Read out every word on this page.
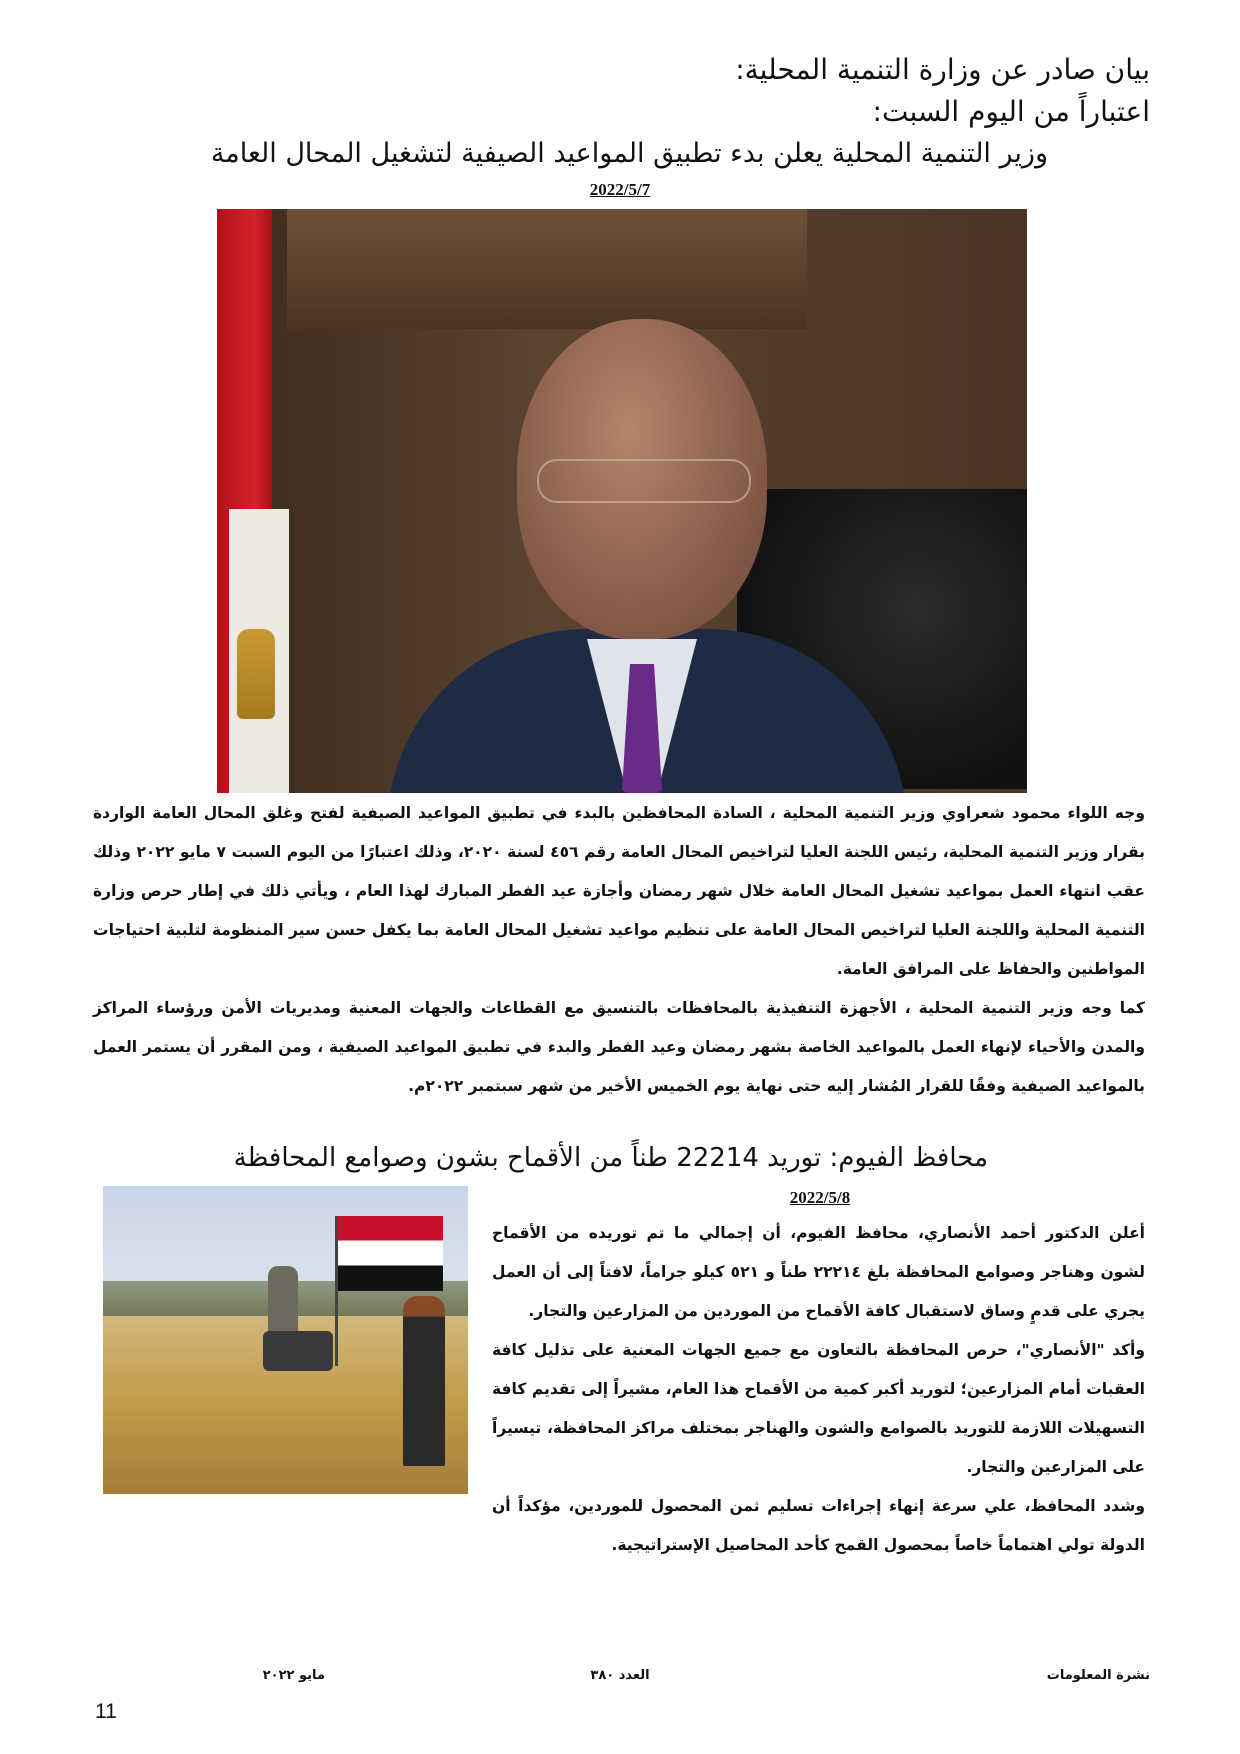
بيان صادر عن وزارة التنمية المحلية:
اعتباراً من اليوم السبت:
وزير التنمية المحلية يعلن بدء تطبيق المواعيد الصيفية لتشغيل المحال العامة
2022/5/7

وجه اللواء محمود شعراوي وزير التنمية المحلية ، السادة المحافظين بالبدء في تطبيق المواعيد الصيفية لفتح وغلق المحال العامة الواردة بقرار وزير التنمية المحلية، رئيس اللجنة العليا لتراخيص المحال العامة رقم ٤٥٦ لسنة ٢٠٢٠، وذلك اعتبارًا من اليوم السبت ٧ مايو ٢٠٢٢ وذلك عقب انتهاء العمل بمواعيد تشغيل المحال العامة خلال شهر رمضان وأجازة عيد الفطر المبارك لهذا العام ، ويأتي ذلك في إطار حرص وزارة التنمية المحلية واللجنة العليا لتراخيص المحال العامة على تنظيم مواعيد تشغيل المحال العامة بما يكفل حسن سير المنظومة لتلبية احتياجات المواطنين والحفاظ على المرافق العامة.

كما وجه وزير التنمية المحلية ، الأجهزة التنفيذية بالمحافظات بالتنسيق مع القطاعات والجهات المعنية ومديريات الأمن ورؤساء المراكز والمدن والأحياء لإنهاء العمل بالمواعيد الخاصة بشهر رمضان وعيد الفطر والبدء في تطبيق المواعيد الصيفية ، ومن المقرر أن يستمر العمل بالمواعيد الصيفية وفقًا للقرار المُشار إليه حتى نهاية يوم الخميس الأخير من شهر سبتمبر ٢٠٢٢م.

محافظ الفيوم: توريد 22214 طناً من الأقماح بشون وصوامع المحافظة
2022/5/8

أعلن الدكتور أحمد الأنصاري، محافظ الفيوم، أن إجمالي ما تم توريده من الأقماح لشون وهناجر وصوامع المحافظة بلغ ٢٢٢١٤ طناً و ٥٢١ كيلو جراماً، لافتاً إلى أن العمل يجري على قدمٍ وساق لاستقبال كافة الأقماح من الموردين من المزارعين والتجار.

وأكد "الأنصاري"، حرص المحافظة بالتعاون مع جميع الجهات المعنية على تذليل كافة العقبات أمام المزارعين؛ لتوريد أكبر كمية من الأقماح هذا العام، مشيراً إلى تقديم كافة التسهيلات اللازمة للتوريد بالصوامع والشون والهناجر بمختلف مراكز المحافظة، تيسيراً على المزارعين والتجار.

وشدد المحافظ، علي سرعة إنهاء إجراءات تسليم ثمن المحصول للموردين، مؤكداً أن الدولة تولي اهتماماً خاصاً بمحصول القمح كأحد المحاصيل الإستراتيجية.

نشرة المعلومات
العدد ٣٨٠
مايو ٢٠٢٢
11
